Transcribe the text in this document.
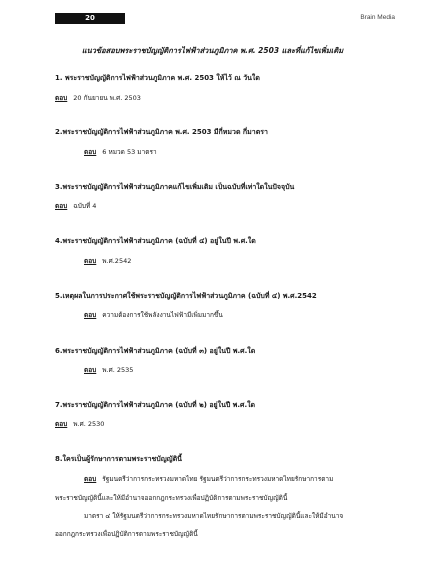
20	Brain Media
แนวข้อสอบพระราชบัญญัติการไฟฟ้าส่วนภูมิภาค พ.ศ. 2503 และที่แก้ไขเพิ่มเติม
1. พระราชบัญญัติการไฟฟ้าส่วนภูมิภาค พ.ศ. 2503 ให้ไว้ ณ วันใด
ตอบ 20 กันยายน พ.ศ. 2503
2.พระราชบัญญัติการไฟฟ้าส่วนภูมิภาค พ.ศ. 2503 มีกี่หมวด กี่มาตรา
ตอบ 6 หมวด 53 มาตรา
3.พระราชบัญญัติการไฟฟ้าส่วนภูมิภาคแก้ไขเพิ่มเติม เป็นฉบับที่เท่าใดในปัจจุบัน
ตอบ ฉบับที่ 4
4.พระราชบัญญัติการไฟฟ้าส่วนภูมิภาค (ฉบับที่ ๔) อยู่ในปี พ.ศ.ใด
ตอบ พ.ศ.2542
5.เหตุผลในการประกาศใช้พระราชบัญญัติการไฟฟ้าส่วนภูมิภาค (ฉบับที่ ๔) พ.ศ.2542
ตอบ ความต้องการใช้พลังงานไฟฟ้ามีเพิ่มมากขึ้น
6.พระราชบัญญัติการไฟฟ้าส่วนภูมิภาค (ฉบับที่ ๓) อยู่ในปี พ.ศ.ใด
ตอบ พ.ศ. 2535
7.พระราชบัญญัติการไฟฟ้าส่วนภูมิภาค (ฉบับที่ ๒) อยู่ในปี พ.ศ.ใด
ตอบ พ.ศ. 2530
8.ใครเป็นผู้รักษาการตามพระราชบัญญัตินี้
ตอบ รัฐมนตรีว่าการกระทรวงมหาดไทย รัฐมนตรีว่าการกระทรวงมหาดไทยรักษาการตาม
พระราชบัญญัตินี้และให้มีอำนาจออกกฎกระทรวงเพื่อปฏิบัติการตามพระราชบัญญัตินี้
มาตรา ๔ ให้รัฐมนตรีว่าการกระทรวงมหาดไทยรักษาการตามพระราชบัญญัตินี้และให้มีอำนาจ
ออกกฎกระทรวงเพื่อปฏิบัติการตามพระราชบัญญัตินี้
